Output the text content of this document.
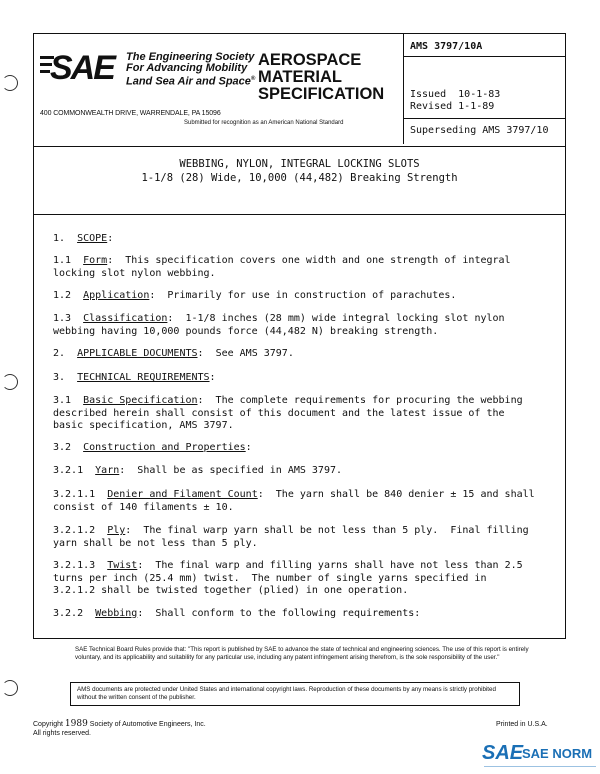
SAE	The Engineering Society
For Advancing Mobility
Land Sea Air and Space®
400 COMMONWEALTH DRIVE, WARRENDALE, PA 15096
Submitted for recognition as an American National Standard
AEROSPACE
MATERIAL
SPECIFICATION
AMS 3797/10A
Issued  10-1-83
Revised 1-1-89
Superseding AMS 3797/10
WEBBING, NYLON, INTEGRAL LOCKING SLOTS
1-1/8 (28) Wide, 10,000 (44,482) Breaking Strength
1. SCOPE:
1.1 Form:  This specification covers one width and one strength of integral
locking slot nylon webbing.
1.2 Application:  Primarily for use in construction of parachutes.
1.3 Classification:  1-1/8 inches (28 mm) wide integral locking slot nylon
webbing having 10,000 pounds force (44,482 N) breaking strength.
2. APPLICABLE DOCUMENTS:  See AMS 3797.
3. TECHNICAL REQUIREMENTS:
3.1 Basic Specification:  The complete requirements for procuring the webbing
described herein shall consist of this document and the latest issue of the
basic specification, AMS 3797.
3.2 Construction and Properties:
3.2.1 Yarn:  Shall be as specified in AMS 3797.
3.2.1.1 Denier and Filament Count:  The yarn shall be 840 denier ± 15 and shall
consist of 140 filaments ± 10.
3.2.1.2 Ply:  The final warp yarn shall be not less than 5 ply.  Final filling
yarn shall be not less than 5 ply.
3.2.1.3 Twist:  The final warp and filling yarns shall have not less than 2.5
turns per inch (25.4 mm) twist.  The number of single yarns specified in
3.2.1.2 shall be twisted together (plied) in one operation.
3.2.2 Webbing:  Shall conform to the following requirements:
SAE Technical Board Rules provide that: "This report is published by SAE to advance the state of technical and engineering sciences. The use of this report is entirely voluntary, and its applicability and suitability for any particular use, including any patent infringement arising therefrom, is the sole responsibility of the user."
AMS documents are protected under United States and international copyright laws. Reproduction of these documents by any means is strictly prohibited without the written consent of the publisher.
Copyright 1989 Society of Automotive Engineers, Inc.
All rights reserved.
Printed in U.S.A.
SAE
SAE NORM
